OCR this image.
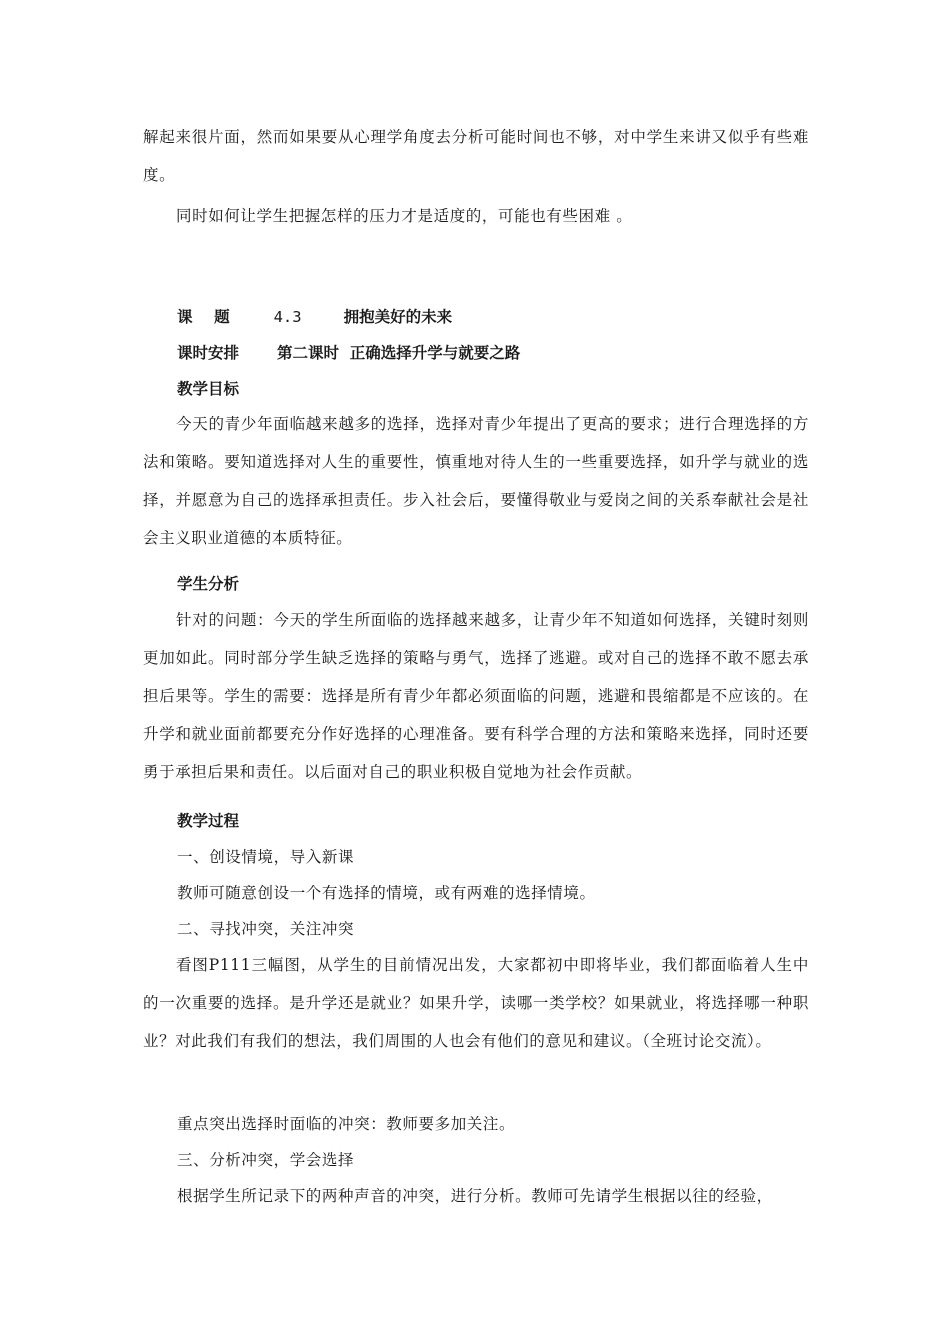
解起来很片面，然而如果要从心理学角度去分析可能时间也不够，对中学生来讲又似乎有些难度。

同时如何让学生把握怎样的压力才是适度的，可能也有些困难 。

课    题	4.3	拥抱美好的未来
课时安排 第二课时  正确选择升学与就要之路
教学目标

今天的青少年面临越来越多的选择，选择对青少年提出了更高的要求；进行合理选择的方法和策略。要知道选择对人生的重要性，慎重地对待人生的一些重要选择，如升学与就业的选择，并愿意为自己的选择承担责任。步入社会后，要懂得敬业与爱岗之间的关系奉献社会是社会主义职业道德的本质特征。

学生分析

针对的问题：今天的学生所面临的选择越来越多，让青少年不知道如何选择，关键时刻则更加如此。同时部分学生缺乏选择的策略与勇气，选择了逃避。或对自己的选择不敢不愿去承担后果等。学生的需要：选择是所有青少年都必须面临的问题，逃避和畏缩都是不应该的。在升学和就业面前都要充分作好选择的心理准备。要有科学合理的方法和策略来选择，同时还要勇于承担后果和责任。以后面对自己的职业积极自觉地为社会作贡献。

教学过程
一、创设情境，导入新课
教师可随意创设一个有选择的情境，或有两难的选择情境。
二、寻找冲突，关注冲突

看图P111三幅图，从学生的目前情况出发，大家都初中即将毕业，我们都面临着人生中的一次重要的选择。是升学还是就业？如果升学，读哪一类学校？如果就业，将选择哪一种职业？对此我们有我们的想法，我们周围的人也会有他们的意见和建议。（全班讨论交流）。

重点突出选择时面临的冲突：教师要多加关注。
三、分析冲突，学会选择
根据学生所记录下的两种声音的冲突，进行分析。教师可先请学生根据以往的经验，
